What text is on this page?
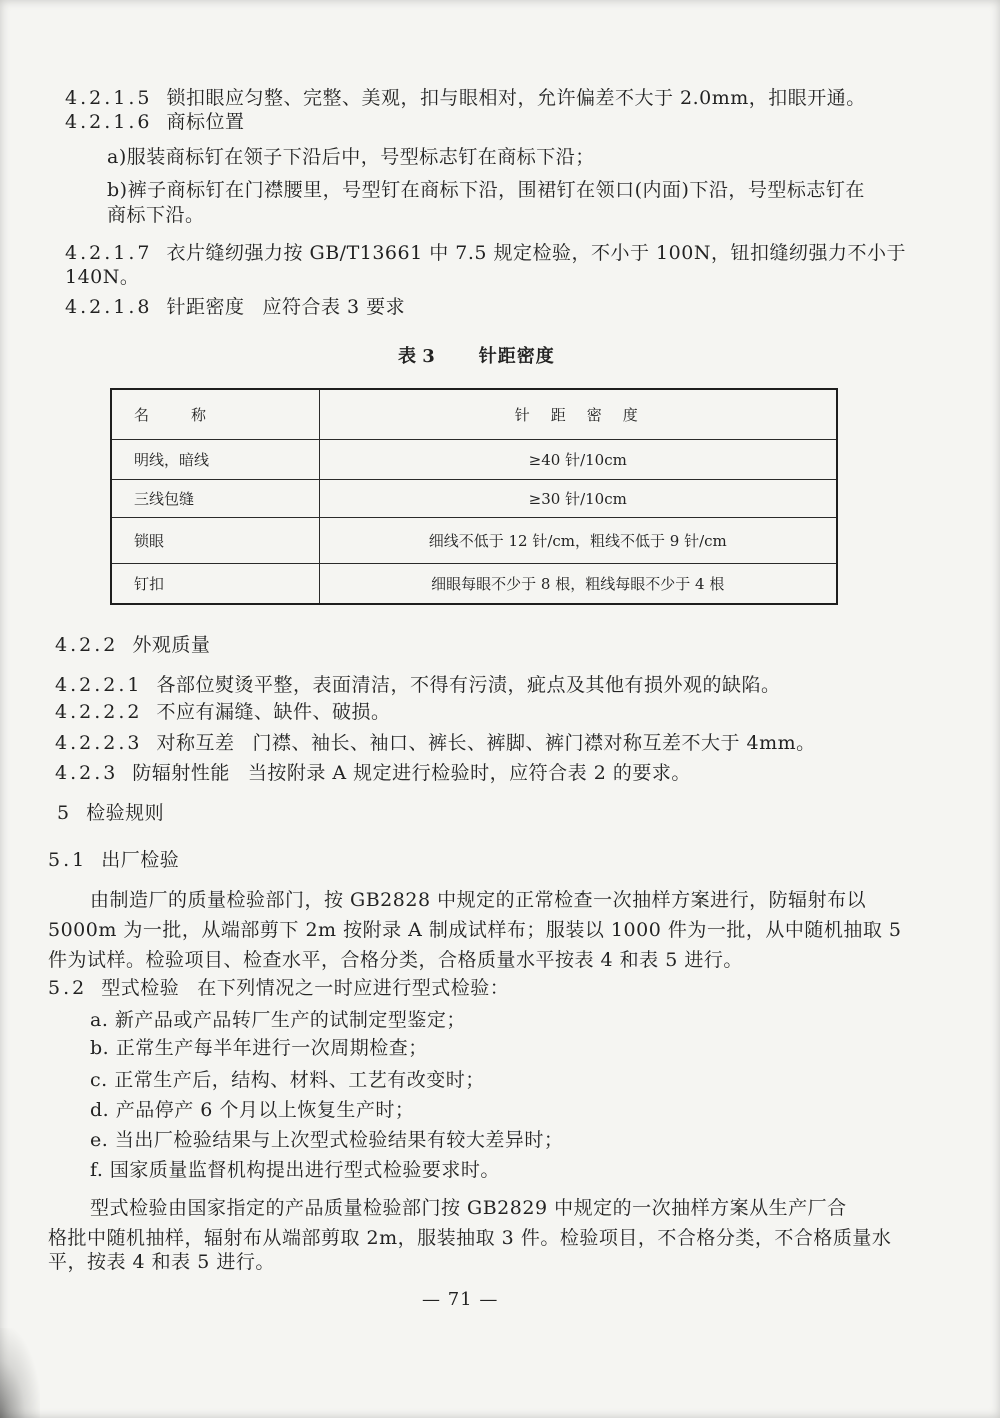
4.2.1.5 锁扣眼应匀整、完整、美观，扣与眼相对，允许偏差不大于 2.0mm，扣眼开通。
4.2.1.6 商标位置
a)服装商标钉在领子下沿后中，号型标志钉在商标下沿；
b)裤子商标钉在门襟腰里，号型钉在商标下沿，围裙钉在领口(内面)下沿，号型标志钉在
商标下沿。
4.2.1.7 衣片缝纫强力按 GB/T13661 中 7.5 规定检验，不小于 100N，钮扣缝纫强力不小于
140N。
4.2.1.8 针距密度 应符合表 3 要求
表 3 针距密度
名　　称	针　距　密　度
明线，暗线	≥40 针/10cm
三线包缝	≥30 针/10cm
锁眼	细线不低于 12 针/cm，粗线不低于 9 针/cm
钉扣	细眼每眼不少于 8 根，粗线每眼不少于 4 根
4.2.2 外观质量
4.2.2.1 各部位熨烫平整，表面清洁，不得有污渍，疵点及其他有损外观的缺陷。
4.2.2.2 不应有漏缝、缺件、破损。
4.2.2.3 对称互差 门襟、袖长、袖口、裤长、裤脚、裤门襟对称互差不大于 4mm。
4.2.3 防辐射性能 当按附录 A 规定进行检验时，应符合表 2 的要求。
5 检验规则
5.1 出厂检验
由制造厂的质量检验部门，按 GB2828 中规定的正常检查一次抽样方案进行，防辐射布以
5000m 为一批，从端部剪下 2m 按附录 A 制成试样布；服装以 1000 件为一批，从中随机抽取 5
件为试样。检验项目、检查水平，合格分类，合格质量水平按表 4 和表 5 进行。
5.2 型式检验 在下列情况之一时应进行型式检验：
a. 新产品或产品转厂生产的试制定型鉴定；
b. 正常生产每半年进行一次周期检查；
c. 正常生产后，结构、材料、工艺有改变时；
d. 产品停产 6 个月以上恢复生产时；
e. 当出厂检验结果与上次型式检验结果有较大差异时；
f. 国家质量监督机构提出进行型式检验要求时。
型式检验由国家指定的产品质量检验部门按 GB2829 中规定的一次抽样方案从生产厂合
格批中随机抽样，辐射布从端部剪取 2m，服装抽取 3 件。检验项目，不合格分类，不合格质量水
平，按表 4 和表 5 进行。
— 71 —
